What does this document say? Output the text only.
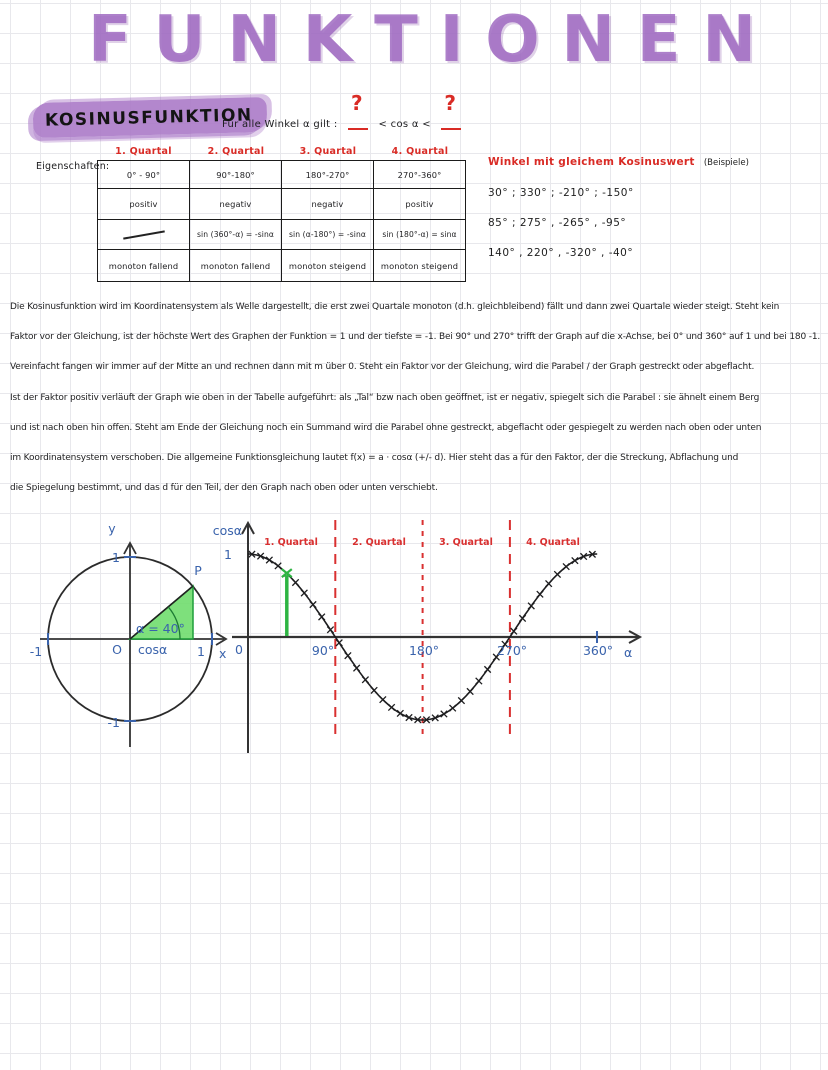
F U N K T I O N E N
KOSINUSFUNKTION
Für alle Winkel α gilt :
?
< cos α <
?
Eigenschaften:
1. Quartal	2. Quartal	3. Quartal	4. Quartal
0° - 90°	90°-180°	180°-270°	270°-360°
positiv	negativ	negativ	positiv

	sin (360°-α) = -sinα	sin (α-180°) = -sinα	sin (180°-α) = sinα
monoton fallend	monoton fallend	monoton steigend	monoton steigend
Winkel mit gleichem Kosinuswert (Beispiele)
30° ; 330° ; -210° ; -150°
85° ; 275° , -265° , -95°
140° , 220° , -320° , -40°
Die Kosinusfunktion wird im Koordinatensystem als Welle dargestellt, die erst zwei Quartale monoton (d.h. gleichbleibend) fällt und dann zwei Quartale wieder steigt. Steht kein
Faktor vor der Gleichung, ist der höchste Wert des Graphen der Funktion = 1 und der tiefste = -1. Bei 90° und 270° trifft der Graph auf die x-Achse, bei 0° und 360° auf 1 und bei 180 -1.
Vereinfacht fangen wir immer auf der Mitte an und rechnen dann mit m über 0. Steht ein Faktor vor der Gleichung, wird die Parabel / der Graph gestreckt oder abgeflacht.
Ist der Faktor positiv verläuft der Graph wie oben in der Tabelle aufgeführt: als „Tal“ bzw nach oben geöffnet, ist er negativ, spiegelt sich die Parabel : sie ähnelt einem Berg
und ist nach oben hin offen. Steht am Ende der Gleichung noch ein Summand wird die Parabel ohne gestreckt, abgeflacht oder gespiegelt zu werden nach oben oder unten
im Koordinatensystem verschoben. Die allgemeine Funktionsgleichung lautet f(x) = a · cosα (+/- d). Hier steht das a für den Faktor, der die Streckung, Abflachung und
die Spiegelung bestimmt, und das d für den Teil, der den Graph nach oben oder unten verschiebt.
y
1
-1
-1	1
P
α = 40°
O cosα	x
cosα
1
0	90°	180°	270°	360° α
1. Quartal	2. Quartal	3. Quartal	4. Quartal
